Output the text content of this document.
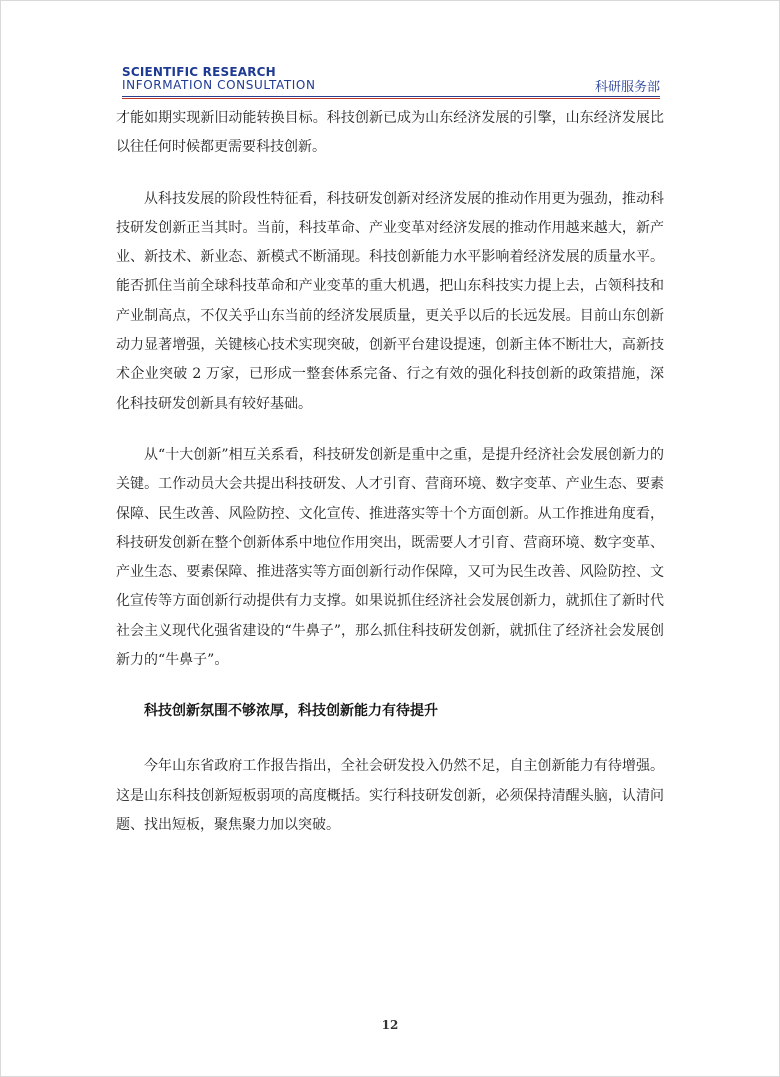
SCIENTIFIC RESEARCH
INFORMATION CONSULTATION	科研服务部

才能如期实现新旧动能转换目标。科技创新已成为山东经济发展的引擎，山东经济发展比以往任何时候都更需要科技创新。

从科技发展的阶段性特征看，科技研发创新对经济发展的推动作用更为强劲，推动科技研发创新正当其时。当前，科技革命、产业变革对经济发展的推动作用越来越大，新产业、新技术、新业态、新模式不断涌现。科技创新能力水平影响着经济发展的质量水平。能否抓住当前全球科技革命和产业变革的重大机遇，把山东科技实力提上去，占领科技和产业制高点，不仅关乎山东当前的经济发展质量，更关乎以后的长远发展。目前山东创新动力显著增强，关键核心技术实现突破，创新平台建设提速，创新主体不断壮大，高新技术企业突破 2 万家，已形成一整套体系完备、行之有效的强化科技创新的政策措施，深化科技研发创新具有较好基础。

从“十大创新”相互关系看，科技研发创新是重中之重，是提升经济社会发展创新力的关键。工作动员大会共提出科技研发、人才引育、营商环境、数字变革、产业生态、要素保障、民生改善、风险防控、文化宣传、推进落实等十个方面创新。从工作推进角度看，科技研发创新在整个创新体系中地位作用突出，既需要人才引育、营商环境、数字变革、产业生态、要素保障、推进落实等方面创新行动作保障，又可为民生改善、风险防控、文化宣传等方面创新行动提供有力支撑。如果说抓住经济社会发展创新力，就抓住了新时代社会主义现代化强省建设的“牛鼻子”，那么抓住科技研发创新，就抓住了经济社会发展创新力的“牛鼻子”。

科技创新氛围不够浓厚，科技创新能力有待提升

今年山东省政府工作报告指出，全社会研发投入仍然不足，自主创新能力有待增强。这是山东科技创新短板弱项的高度概括。实行科技研发创新，必须保持清醒头脑，认清问题、找出短板，聚焦聚力加以突破。

12
